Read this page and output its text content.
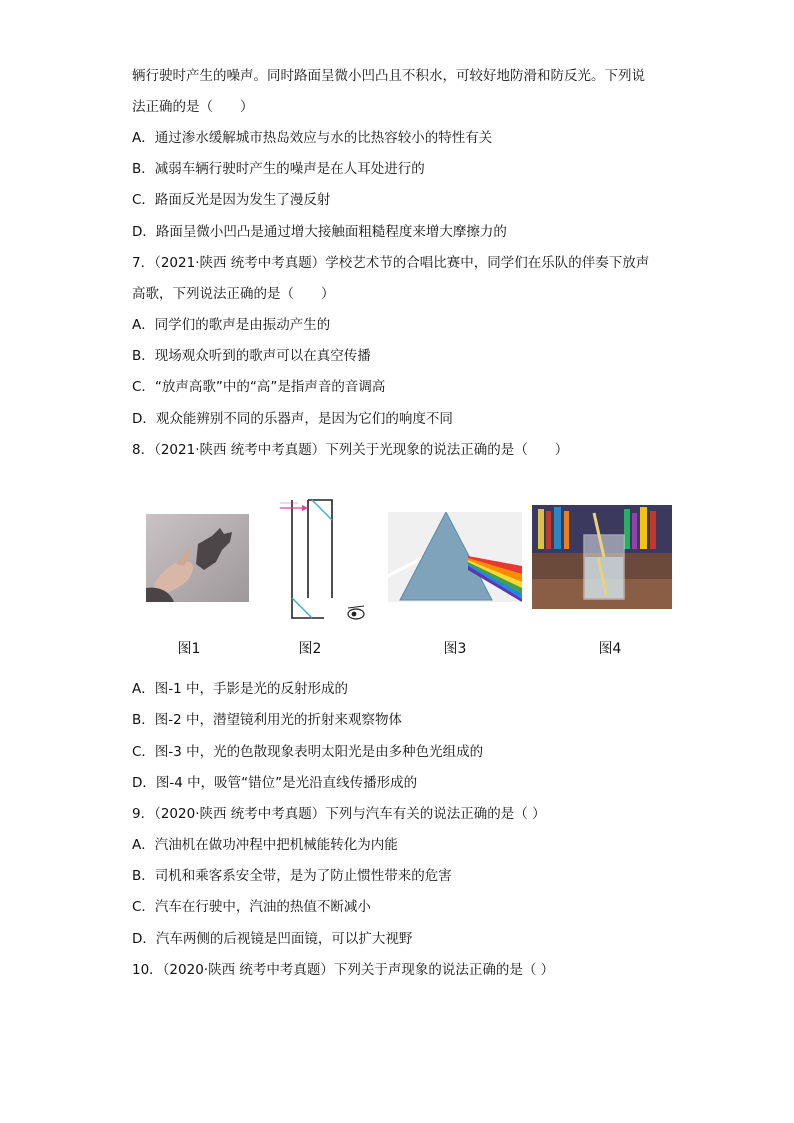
辆行驶时产生的噪声。同时路面呈微小凹凸且不积水，可较好地防滑和防反光。下列说
法正确的是（　　）
A．通过渗水缓解城市热岛效应与水的比热容较小的特性有关
B．减弱车辆行驶时产生的噪声是在人耳处进行的
C．路面反光是因为发生了漫反射
D．路面呈微小凹凸是通过增大接触面粗糙程度来增大摩擦力的
7．（2021·陕西 统考中考真题）学校艺术节的合唱比赛中，同学们在乐队的伴奏下放声
高歌，下列说法正确的是（　　）
A．同学们的歌声是由振动产生的
B．现场观众听到的歌声可以在真空传播
C．“放声高歌”中的“高”是指声音的音调高
D．观众能辨别不同的乐器声，是因为它们的响度不同
8．（2021·陕西 统考中考真题）下列关于光现象的说法正确的是（　　）
图1	图2	图3	图4
A．图-1 中，手影是光的反射形成的
B．图-2 中，潜望镜利用光的折射来观察物体
C．图-3 中，光的色散现象表明太阳光是由多种色光组成的
D．图-4 中，吸管“错位”是光沿直线传播形成的
9．（2020·陕西 统考中考真题）下列与汽车有关的说法正确的是（ ）
A．汽油机在做功冲程中把机械能转化为内能
B．司机和乘客系安全带，是为了防止惯性带来的危害
C．汽车在行驶中，汽油的热值不断减小
D．汽车两侧的后视镜是凹面镜，可以扩大视野
10．（2020·陕西 统考中考真题）下列关于声现象的说法正确的是（ ）
